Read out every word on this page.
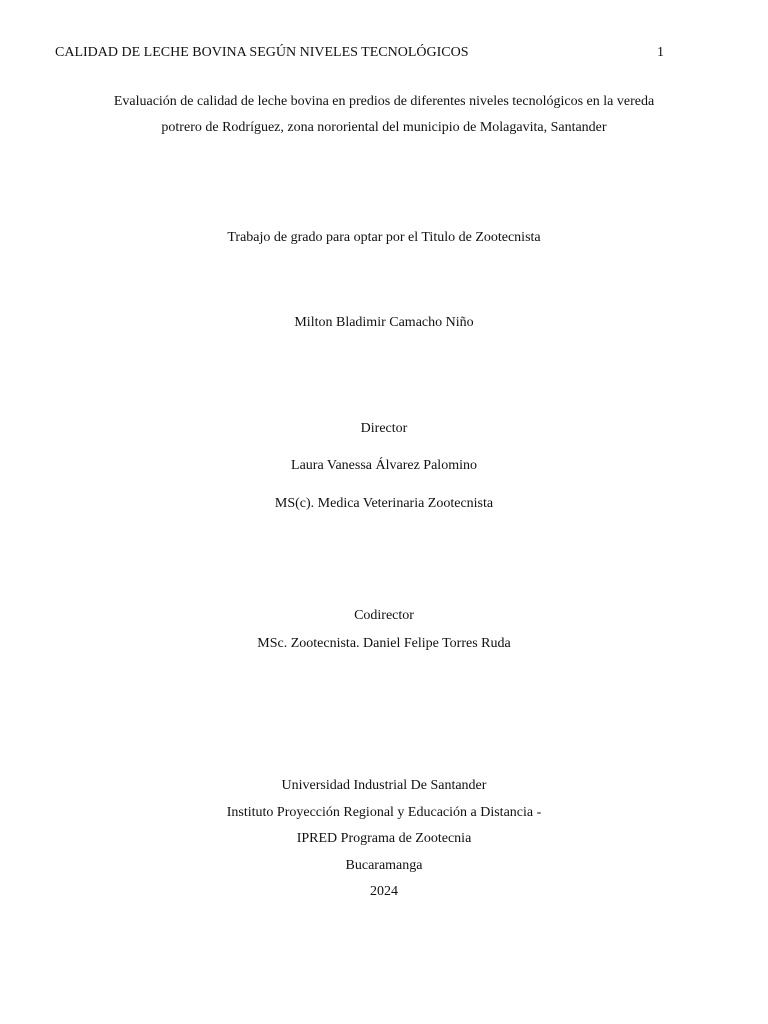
CALIDAD DE LECHE BOVINA SEGÚN NIVELES TECNOLÓGICOS	1
Evaluación de calidad de leche bovina en predios de diferentes niveles tecnológicos en la vereda
potrero de Rodríguez, zona nororiental del municipio de Molagavita, Santander
Trabajo de grado para optar por el Titulo de Zootecnista
Milton Bladimir Camacho Niño
Director
Laura Vanessa Álvarez Palomino
MS(c). Medica Veterinaria Zootecnista
Codirector
MSc. Zootecnista. Daniel Felipe Torres Ruda
Universidad Industrial De Santander
Instituto Proyección Regional y Educación a Distancia -
IPRED Programa de Zootecnia
Bucaramanga
2024
